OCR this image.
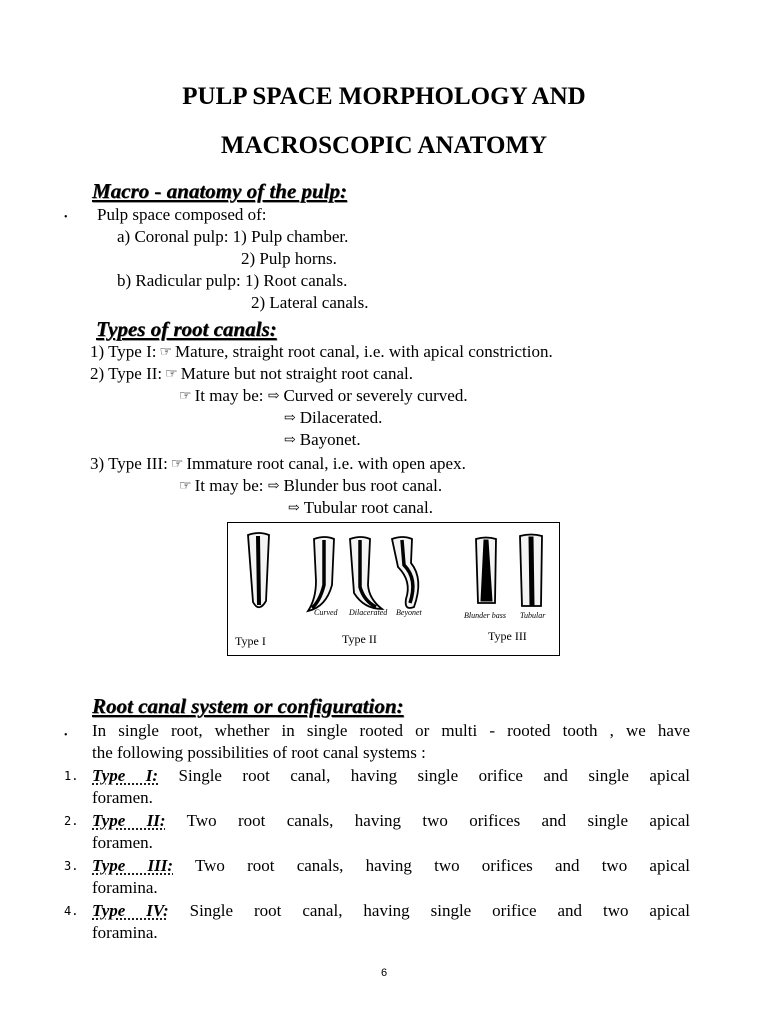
PULP SPACE MORPHOLOGY AND
MACROSCOPIC ANATOMY
Macro - anatomy of the pulp:
• Pulp space composed of:
a) Coronal pulp: 1) Pulp chamber.
2) Pulp horns.
b) Radicular pulp: 1) Root canals.
2) Lateral canals.
Types of root canals:
1) Type I: ☞ Mature, straight root canal, i.e. with apical constriction.
2) Type II: ☞ Mature but not straight root canal.
☞ It may be: ⇨ Curved or severely curved.
⇨ Dilacerated.
⇨ Bayonet.
3) Type III: ☞ Immature root canal, i.e. with open apex.
☞ It may be: ⇨ Blunder bus root canal.
⇨ Tubular root canal.
Curved Dilacerated Beyonet	Blunder bass Tubular
Type I	Type II	Type III
Root canal system or configuration:
• In single root, whether in single rooted or multi - rooted tooth , we have
the following possibilities of root canal systems :
1. Type I: Single root canal, having single orifice and single apical
foramen.
2. Type II: Two root canals, having two orifices and single apical
foramen.
3. Type III: Two root canals, having two orifices and two apical
foramina.
4. Type IV: Single root canal, having single orifice and two apical
foramina.
6
